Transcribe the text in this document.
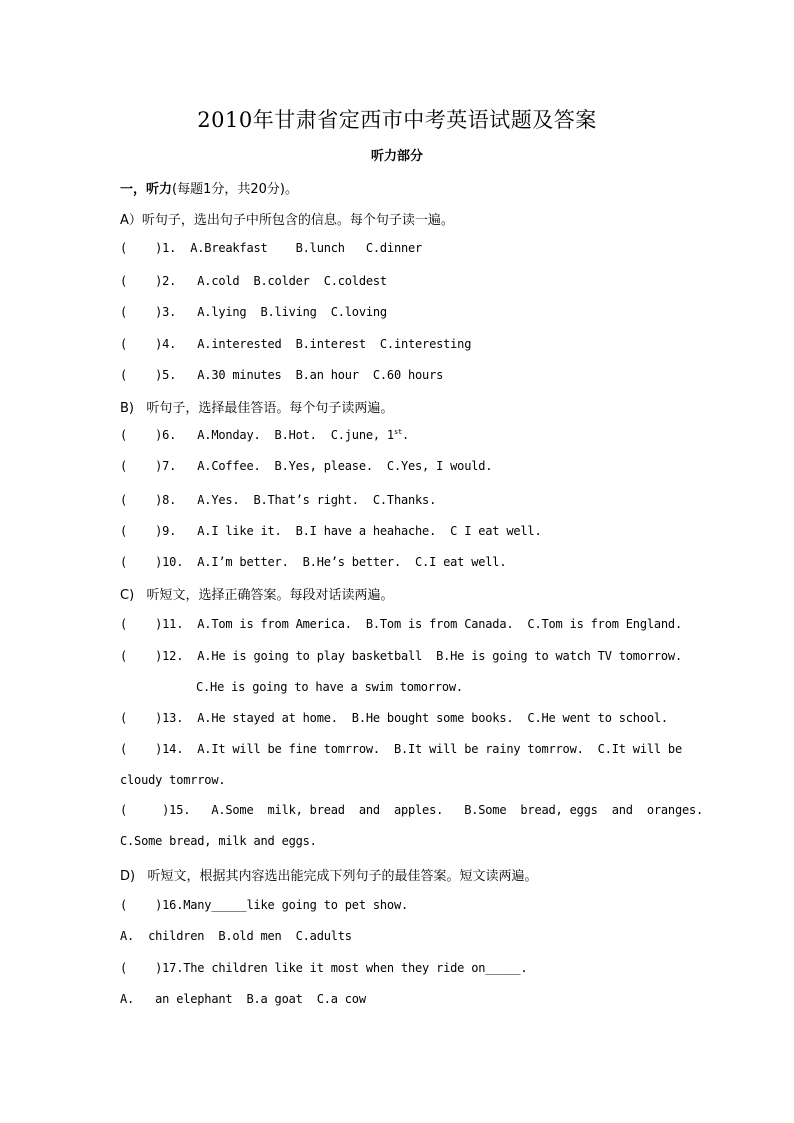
2010年甘肃省定西市中考英语试题及答案
听力部分
一，听力(每题1分，共20分)。
A）听句子，选出句子中所包含的信息。每个句子读一遍。
(    )1.  A.Breakfast    B.lunch   C.dinner
(    )2.   A.cold  B.colder  C.coldest
(    )3.   A.lying  B.living  C.loving
(    )4.   A.interested  B.interest  C.interesting
(    )5.   A.30 minutes  B.an hour  C.60 hours
B)   听句子，选择最佳答语。每个句子读两遍。
(    )6.   A.Monday.  B.Hot.  C.june, 1st.
(    )7.   A.Coffee.  B.Yes, please.  C.Yes, I would.
(    )8.   A.Yes.  B.That’s right.  C.Thanks.
(    )9.   A.I like it.  B.I have a heahache.  C I eat well.
(    )10.  A.I’m better.  B.He’s better.  C.I eat well.
C)   听短文，选择正确答案。每段对话读两遍。
(    )11.  A.Tom is from America.  B.Tom is from Canada.  C.Tom is from England.
(    )12.  A.He is going to play basketball  B.He is going to watch TV tomorrow.
C.He is going to have a swim tomorrow.
(    )13.  A.He stayed at home.  B.He bought some books.  C.He went to school.
(    )14.  A.It will be fine tomrrow.  B.It will be rainy tomrrow.  C.It will be
cloudy tomrrow.
(     )15.   A.Some  milk, bread  and  apples.   B.Some  bread, eggs  and  oranges.
C.Some bread, milk and eggs.
D)   听短文，根据其内容选出能完成下列句子的最佳答案。短文读两遍。
(    )16.Many_____like going to pet show.
A.  children  B.old men  C.adults
(    )17.The children like it most when they ride on_____.
A.   an elephant  B.a goat  C.a cow
